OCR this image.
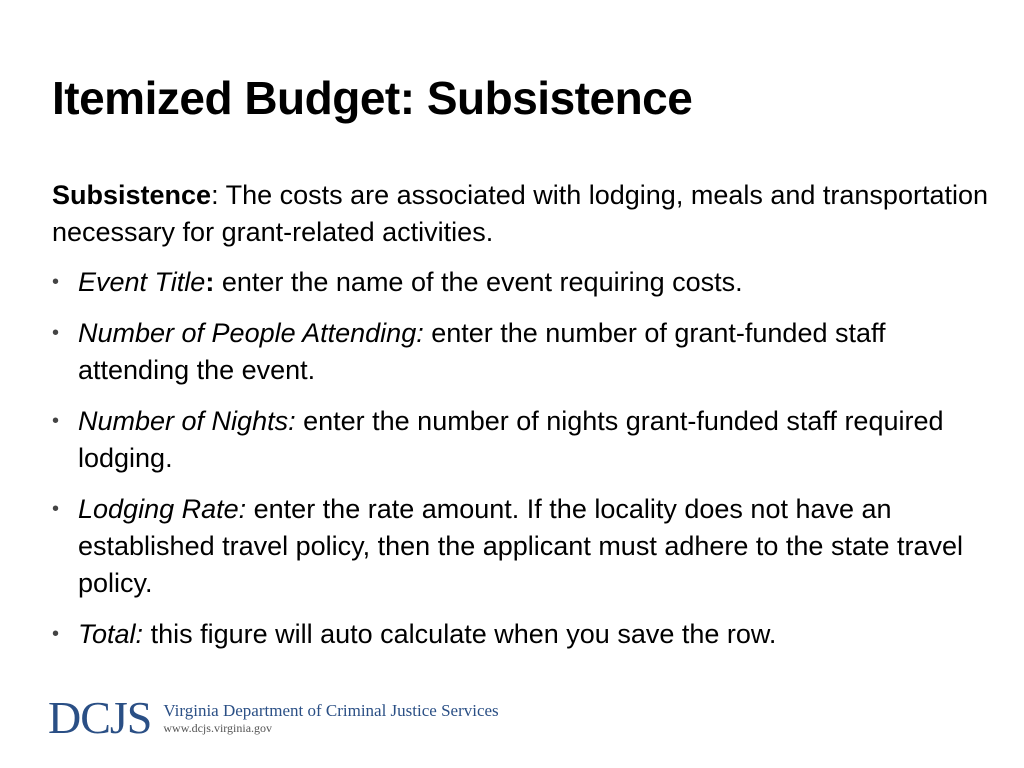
Itemized Budget: Subsistence

Subsistence: The costs are associated with lodging, meals and transportation necessary for grant-related activities.

• Event Title: enter the name of the event requiring costs.
• Number of People Attending: enter the number of grant-funded staff attending the event.
• Number of Nights: enter the number of nights grant-funded staff required lodging.
• Lodging Rate: enter the rate amount. If the locality does not have an established travel policy, then the applicant must adhere to the state travel policy.
• Total: this figure will auto calculate when you save the row.
DCJS Virginia Department of Criminal Justice Services
www.dcjs.virginia.gov
